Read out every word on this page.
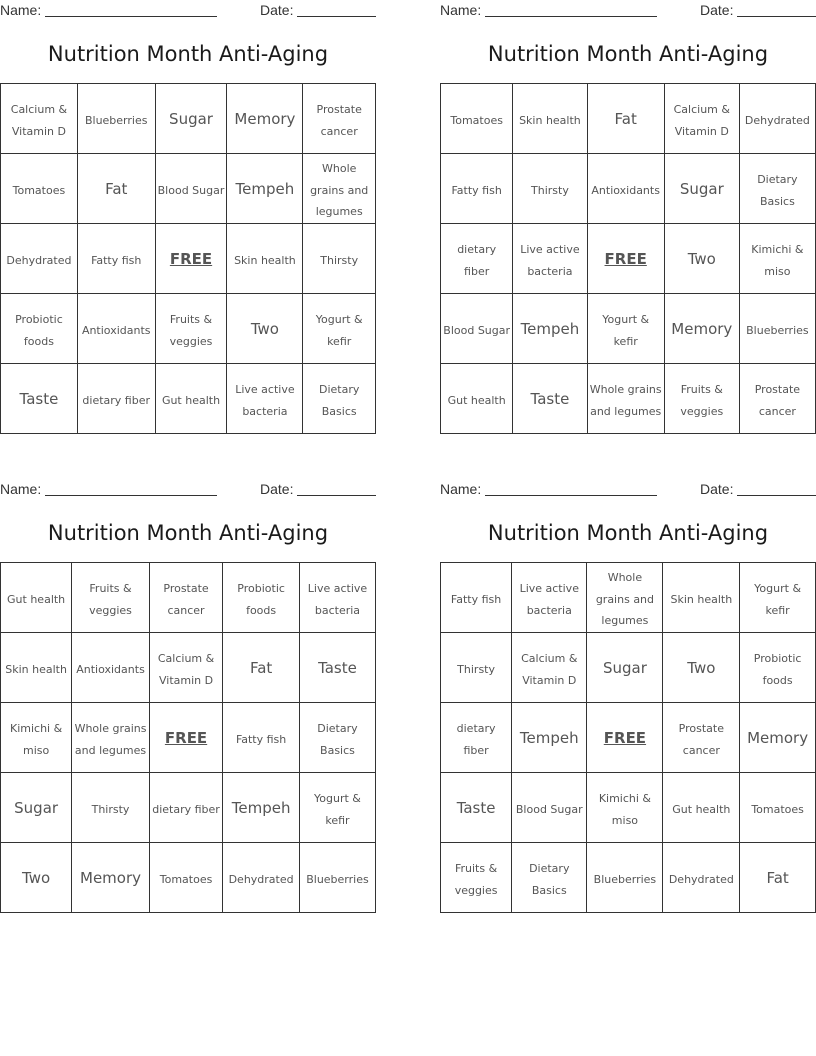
Name:	Date:
Nutrition Month Anti-Aging
Calcium & Vitamin D	Blueberries	Sugar	Memory	Prostate cancer
Tomatoes	Fat	Blood Sugar	Tempeh	Whole grains and legumes
Dehydrated	Fatty fish	FREE	Skin health	Thirsty
Probiotic foods	Antioxidants	Fruits & veggies	Two	Yogurt & kefir
Taste	dietary fiber	Gut health	Live active bacteria	Dietary Basics
Name:	Date:
Nutrition Month Anti-Aging
Tomatoes	Skin health	Fat	Calcium & Vitamin D	Dehydrated
Fatty fish	Thirsty	Antioxidants	Sugar	Dietary Basics
dietary fiber	Live active bacteria	FREE	Two	Kimichi & miso
Blood Sugar	Tempeh	Yogurt & kefir	Memory	Blueberries
Gut health	Taste	Whole grains and legumes	Fruits & veggies	Prostate cancer
Name:	Date:
Nutrition Month Anti-Aging
Gut health	Fruits & veggies	Prostate cancer	Probiotic foods	Live active bacteria
Skin health	Antioxidants	Calcium & Vitamin D	Fat	Taste
Kimichi & miso	Whole grains and legumes	FREE	Fatty fish	Dietary Basics
Sugar	Thirsty	dietary fiber	Tempeh	Yogurt & kefir
Two	Memory	Tomatoes	Dehydrated	Blueberries
Name:	Date:
Nutrition Month Anti-Aging
Fatty fish	Live active bacteria	Whole grains and legumes	Skin health	Yogurt & kefir
Thirsty	Calcium & Vitamin D	Sugar	Two	Probiotic foods
dietary fiber	Tempeh	FREE	Prostate cancer	Memory
Taste	Blood Sugar	Kimichi & miso	Gut health	Tomatoes
Fruits & veggies	Dietary Basics	Blueberries	Dehydrated	Fat
